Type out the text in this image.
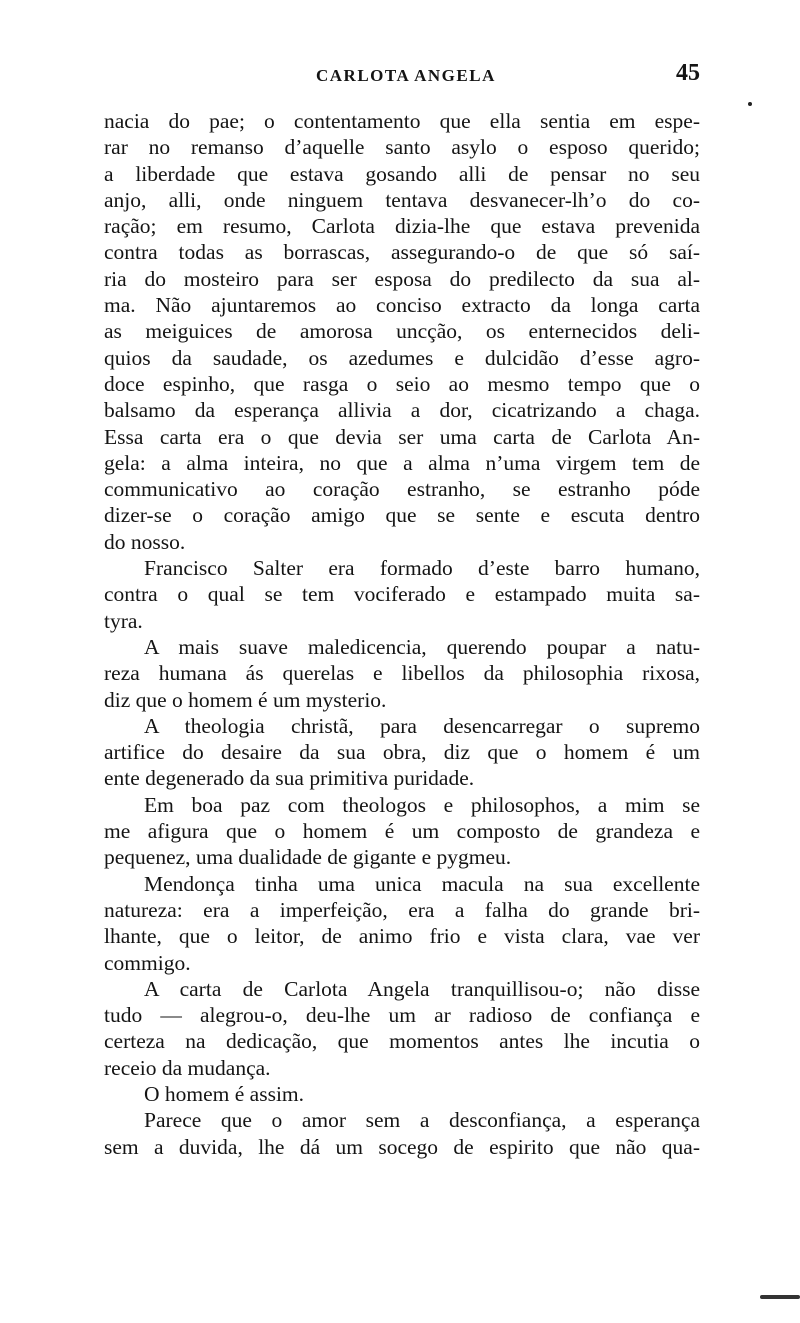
CARLOTA ANGELA	45
nacia do pae; o contentamento que ella sentia em espe-
rar no remanso d’aquelle santo asylo o esposo querido;
a liberdade que estava gosando alli de pensar no seu
anjo, alli, onde ninguem tentava desvanecer-lh’o do co-
ração; em resumo, Carlota dizia-lhe que estava prevenida
contra todas as borrascas, assegurando-o de que só saí-
ria do mosteiro para ser esposa do predilecto da sua al-
ma. Não ajuntaremos ao conciso extracto da longa carta
as meiguices de amorosa uncção, os enternecidos deli-
quios da saudade, os azedumes e dulcidão d’esse agro-
doce espinho, que rasga o seio ao mesmo tempo que o
balsamo da esperança allivia a dor, cicatrizando a chaga.
Essa carta era o que devia ser uma carta de Carlota An-
gela: a alma inteira, no que a alma n’uma virgem tem de
communicativo ao coração estranho, se estranho póde
dizer-se o coração amigo que se sente e escuta dentro
do nosso.
Francisco Salter era formado d’este barro humano,
contra o qual se tem vociferado e estampado muita sa-
tyra.
A mais suave maledicencia, querendo poupar a natu-
reza humana ás querelas e libellos da philosophia rixosa,
diz que o homem é um mysterio.
A theologia christã, para desencarregar o supremo
artifice do desaire da sua obra, diz que o homem é um
ente degenerado da sua primitiva puridade.
Em boa paz com theologos e philosophos, a mim se
me afigura que o homem é um composto de grandeza e
pequenez, uma dualidade de gigante e pygmeu.
Mendonça tinha uma unica macula na sua excellente
natureza: era a imperfeição, era a falha do grande bri-
lhante, que o leitor, de animo frio e vista clara, vae ver
commigo.
A carta de Carlota Angela tranquillisou-o; não disse
tudo — alegrou-o, deu-lhe um ar radioso de confiança e
certeza na dedicação, que momentos antes lhe incutia o
receio da mudança.
O homem é assim.
Parece que o amor sem a desconfiança, a esperança
sem a duvida, lhe dá um socego de espirito que não qua-
